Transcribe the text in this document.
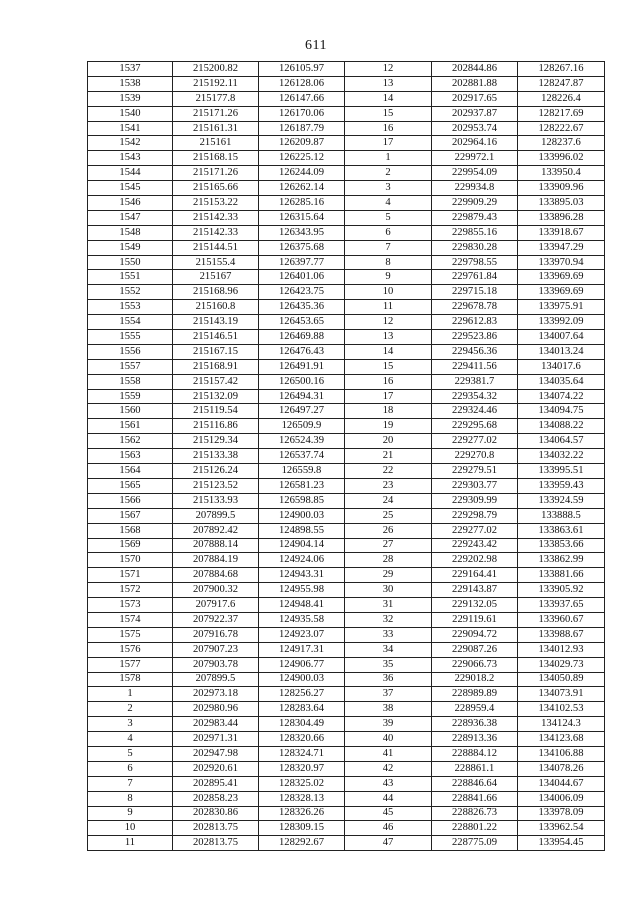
611
1537	215200.82	126105.97	12	202844.86	128267.16
1538	215192.11	126128.06	13	202881.88	128247.87
1539	215177.8	126147.66	14	202917.65	128226.4
1540	215171.26	126170.06	15	202937.87	128217.69
1541	215161.31	126187.79	16	202953.74	128222.67
1542	215161	126209.87	17	202964.16	128237.6
1543	215168.15	126225.12	1	229972.1	133996.02
1544	215171.26	126244.09	2	229954.09	133950.4
1545	215165.66	126262.14	3	229934.8	133909.96
1546	215153.22	126285.16	4	229909.29	133895.03
1547	215142.33	126315.64	5	229879.43	133896.28
1548	215142.33	126343.95	6	229855.16	133918.67
1549	215144.51	126375.68	7	229830.28	133947.29
1550	215155.4	126397.77	8	229798.55	133970.94
1551	215167	126401.06	9	229761.84	133969.69
1552	215168.96	126423.75	10	229715.18	133969.69
1553	215160.8	126435.36	11	229678.78	133975.91
1554	215143.19	126453.65	12	229612.83	133992.09
1555	215146.51	126469.88	13	229523.86	134007.64
1556	215167.15	126476.43	14	229456.36	134013.24
1557	215168.91	126491.91	15	229411.56	134017.6
1558	215157.42	126500.16	16	229381.7	134035.64
1559	215132.09	126494.31	17	229354.32	134074.22
1560	215119.54	126497.27	18	229324.46	134094.75
1561	215116.86	126509.9	19	229295.68	134088.22
1562	215129.34	126524.39	20	229277.02	134064.57
1563	215133.38	126537.74	21	229270.8	134032.22
1564	215126.24	126559.8	22	229279.51	133995.51
1565	215123.52	126581.23	23	229303.77	133959.43
1566	215133.93	126598.85	24	229309.99	133924.59
1567	207899.5	124900.03	25	229298.79	133888.5
1568	207892.42	124898.55	26	229277.02	133863.61
1569	207888.14	124904.14	27	229243.42	133853.66
1570	207884.19	124924.06	28	229202.98	133862.99
1571	207884.68	124943.31	29	229164.41	133881.66
1572	207900.32	124955.98	30	229143.87	133905.92
1573	207917.6	124948.41	31	229132.05	133937.65
1574	207922.37	124935.58	32	229119.61	133960.67
1575	207916.78	124923.07	33	229094.72	133988.67
1576	207907.23	124917.31	34	229087.26	134012.93
1577	207903.78	124906.77	35	229066.73	134029.73
1578	207899.5	124900.03	36	229018.2	134050.89
1	202973.18	128256.27	37	228989.89	134073.91
2	202980.96	128283.64	38	228959.4	134102.53
3	202983.44	128304.49	39	228936.38	134124.3
4	202971.31	128320.66	40	228913.36	134123.68
5	202947.98	128324.71	41	228884.12	134106.88
6	202920.61	128320.97	42	228861.1	134078.26
7	202895.41	128325.02	43	228846.64	134044.67
8	202858.23	128328.13	44	228841.66	134006.09
9	202830.86	128326.26	45	228826.73	133978.09
10	202813.75	128309.15	46	228801.22	133962.54
11	202813.75	128292.67	47	228775.09	133954.45
